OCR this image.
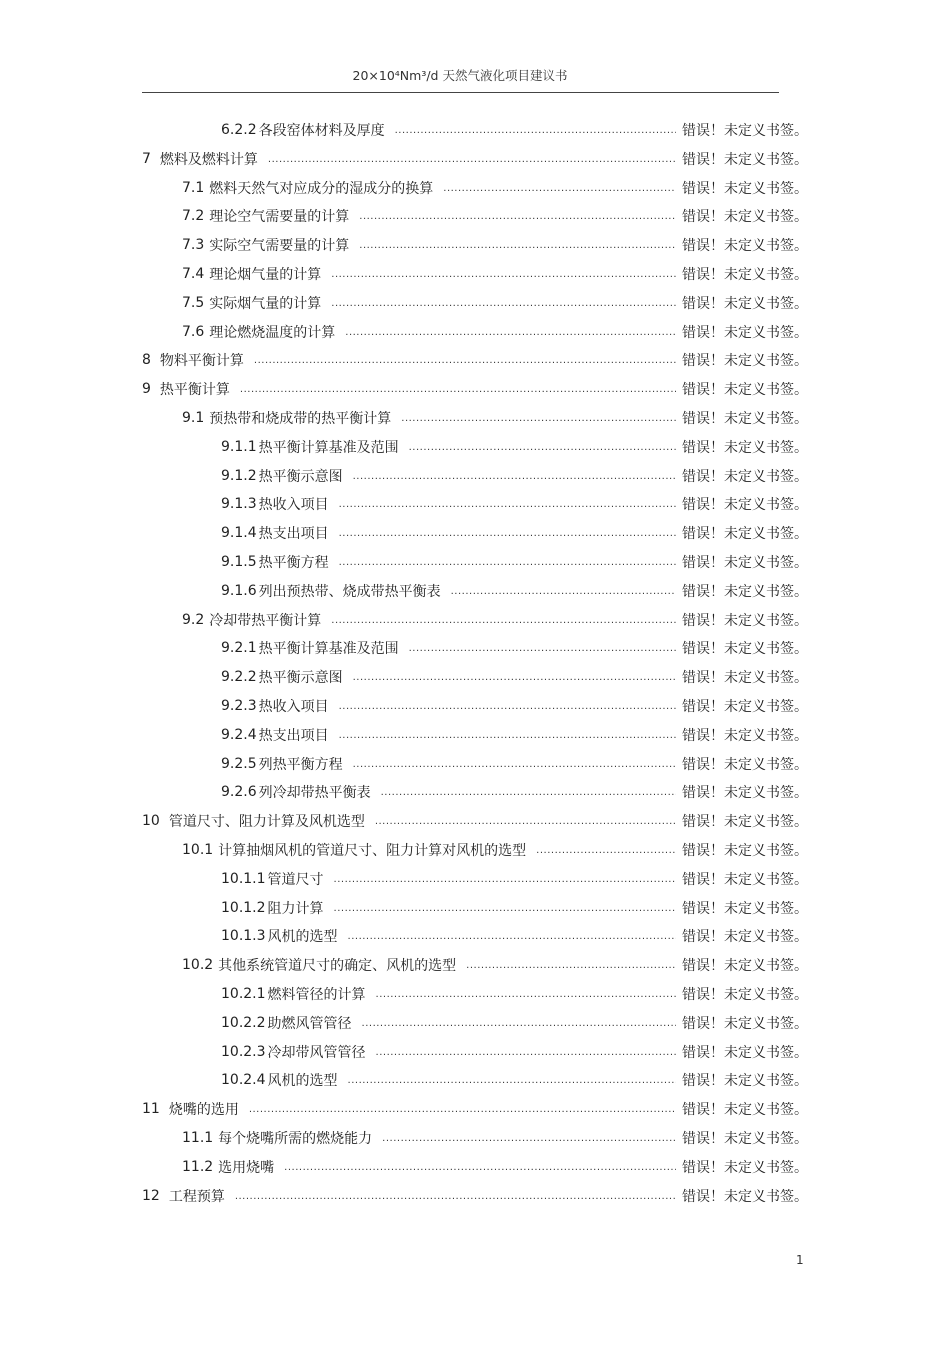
20×10⁴Nm³/d 天然气液化项目建议书
6.2.2 各段窑体材料及厚度 .....	错误！未定义书签。
7 燃料及燃料计算 .....	错误！未定义书签。
7.1 燃料天然气对应成分的湿成分的换算 .....	错误！未定义书签。
7.2 理论空气需要量的计算 .....	错误！未定义书签。
7.3 实际空气需要量的计算 .....	错误！未定义书签。
7.4 理论烟气量的计算 .....	错误！未定义书签。
7.5 实际烟气量的计算 .....	错误！未定义书签。
7.6 理论燃烧温度的计算 .....	错误！未定义书签。
8 物料平衡计算 .....	错误！未定义书签。
9 热平衡计算 .....	错误！未定义书签。
9.1 预热带和烧成带的热平衡计算 .....	错误！未定义书签。
9.1.1 热平衡计算基准及范围 .....	错误！未定义书签。
9.1.2 热平衡示意图 .....	错误！未定义书签。
9.1.3 热收入项目 .....	错误！未定义书签。
9.1.4 热支出项目 .....	错误！未定义书签。
9.1.5 热平衡方程 .....	错误！未定义书签。
9.1.6 列出预热带、烧成带热平衡表 .....	错误！未定义书签。
9.2 冷却带热平衡计算 .....	错误！未定义书签。
9.2.1 热平衡计算基准及范围 .....	错误！未定义书签。
9.2.2 热平衡示意图 .....	错误！未定义书签。
9.2.3 热收入项目 .....	错误！未定义书签。
9.2.4 热支出项目 .....	错误！未定义书签。
9.2.5 列热平衡方程 .....	错误！未定义书签。
9.2.6 列冷却带热平衡表 .....	错误！未定义书签。
10 管道尺寸、阻力计算及风机选型 .....	错误！未定义书签。
10.1 计算抽烟风机的管道尺寸、阻力计算对风机的选型 .....	错误！未定义书签。
10.1.1 管道尺寸 .....	错误！未定义书签。
10.1.2 阻力计算 .....	错误！未定义书签。
10.1.3 风机的选型 .....	错误！未定义书签。
10.2 其他系统管道尺寸的确定、风机的选型 .....	错误！未定义书签。
10.2.1 燃料管径的计算 .....	错误！未定义书签。
10.2.2 助燃风管管径 .....	错误！未定义书签。
10.2.3 冷却带风管管径 .....	错误！未定义书签。
10.2.4 风机的选型 .....	错误！未定义书签。
11 烧嘴的选用 .....	错误！未定义书签。
11.1 每个烧嘴所需的燃烧能力 .....	错误！未定义书签。
11.2 选用烧嘴 .....	错误！未定义书签。
12 工程预算 .....	错误！未定义书签。
1
